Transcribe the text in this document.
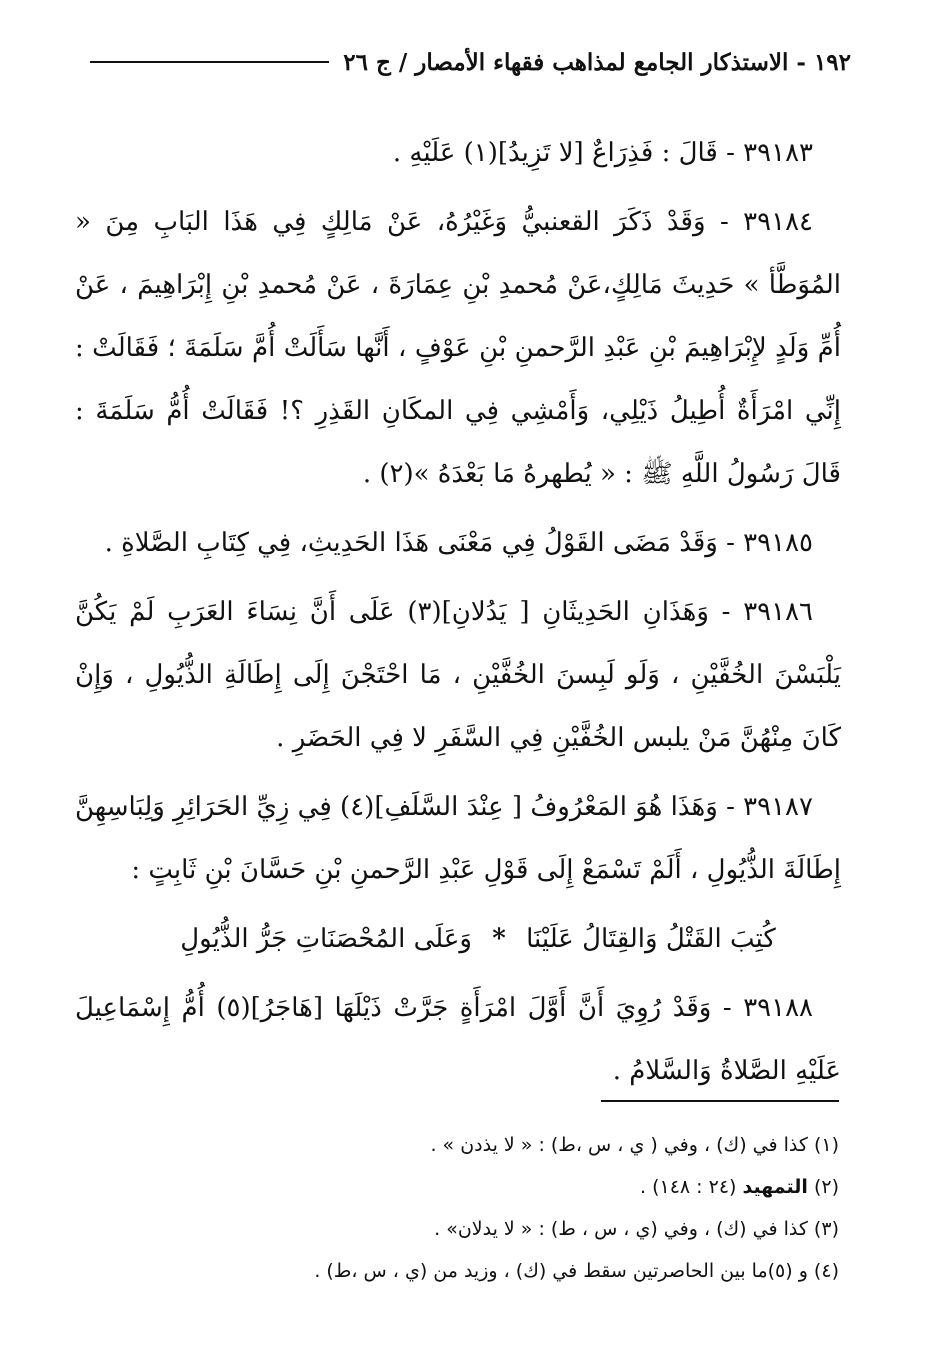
١٩٢ - الاستذكار الجامع لمذاهب فقهاء الأمصار / ج ٢٦

٣٩١٨٣ - قَالَ : فَذِرَاعٌ [لا تَزِيدُ](١) عَلَيْهِ .

٣٩١٨٤ - وَقَدْ ذَكَرَ القعنبيُّ وَغَيْرُهُ، عَنْ مَالِكٍ فِي هَذَا البَابِ مِنَ « المُوَطَّأ » حَدِيثَ مَالِكٍ،عَنْ مُحمدِ بْنِ عِمَارَةَ ، عَنْ مُحمدِ بْنِ إِبْرَاهِيمَ ، عَنْ أُمِّ وَلَدٍ لإِبْرَاهِيمَ بْنِ عَبْدِ الرَّحمنِ بْنِ عَوْفٍ ، أَنَّها سَأَلَتْ أُمَّ سَلَمَةَ ؛ فَقَالَتْ : إِنِّي امْرَأَةٌ أُطِيلُ ذَيْلِي، وَأَمْشِي فِي المكَانِ القَذِرِ ؟! فَقَالَتْ أُمُّ سَلَمَةَ : قَالَ رَسُولُ اللَّهِ ﷺ : « يُطهرهُ مَا بَعْدَهُ »(٢) .

٣٩١٨٥ - وَقَدْ مَضَى القَوْلُ فِي مَعْنَى هَذَا الحَدِيثِ، فِي كِتَابِ الصَّلاةِ .

٣٩١٨٦ - وَهَذَانِ الحَدِيثَانِ [ يَدُلانِ](٣) عَلَى أَنَّ نِسَاءَ العَرَبِ لَمْ يَكُنَّ يَلْبَسْنَ الخُفَّيْنِ ، وَلَو لَبِسنَ الخُفَّيْنِ ، مَا احْتَجْنَ إِلَى إِطَالَةِ الذُّيُولِ ، وَإِنْ كَانَ مِنْهُنَّ مَنْ يلبس الخُفَّيْنِ فِي السَّفَرِ لا فِي الحَضَرِ .

٣٩١٨٧ - وَهَذَا هُوَ المَعْرُوفُ [ عِنْدَ السَّلَفِ](٤) فِي زِيِّ الحَرَائِرِ وَلِبَاسِهِنَّ إِطَالَةَ الذُّيُولِ ، أَلَمْ تَسْمَعْ إِلَى قَوْلِ عَبْدِ الرَّحمنِ بْنِ حَسَّانَ بْنِ ثَابِتٍ :

كُتِبَ القَتْلُ وَالقِتَالُ عَلَيْنَا * وَعَلَى المُحْصَنَاتِ جَرُّ الذُّيُولِ

٣٩١٨٨ - وَقَدْ رُوِيَ أَنَّ أَوَّلَ امْرَأَةٍ جَرَّتْ ذَيْلَهَا [هَاجَرُ](٥) أُمُّ إِسْمَاعِيلَ عَلَيْهِ الصَّلاةُ وَالسَّلامُ .

(١) كذا في (ك) ، وفي ( ي ، س ،ط) : « لا يذدن » .

(٢) التمهيد (٢٤ : ١٤٨) .

(٣) كذا في (ك) ، وفي (ي ، س ، ط) : « لا يدلان» .

(٤) و (٥)ما بين الحاصرتين سقط في (ك) ، وزيد من (ي ، س ،ط) .
